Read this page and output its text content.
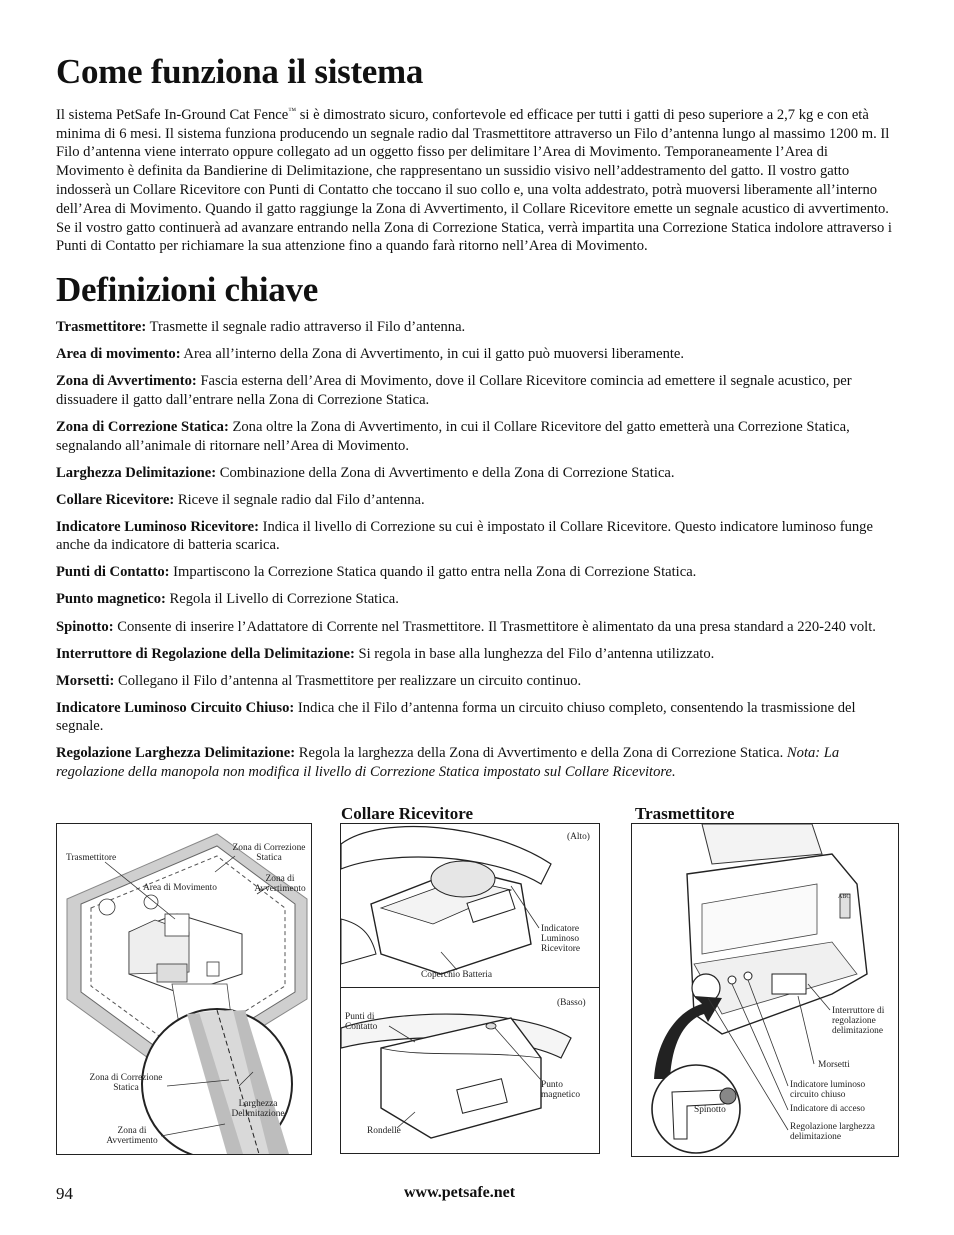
Come funziona il sistema

Il sistema PetSafe In-Ground Cat Fence™ si è dimostrato sicuro, confortevole ed efficace per tutti i gatti di peso superiore a 2,7 kg e con età minima di 6 mesi. Il sistema funziona producendo un segnale radio dal Trasmettitore attraverso un Filo d’antenna lungo al massimo 1200 m. Il Filo d’antenna viene interrato oppure collegato ad un oggetto fisso per delimitare l’Area di Movimento. Temporaneamente l’Area di Movimento è definita da Bandierine di Delimitazione, che rappresentano un sussidio visivo nell’addestramento del gatto. Il vostro gatto indosserà un Collare Ricevitore con Punti di Contatto che toccano il suo collo e, una volta addestrato, potrà muoversi liberamente all’interno dell’Area di Movimento. Quando il gatto raggiunge la Zona di Avvertimento, il Collare Ricevitore emette un segnale acustico di avvertimento. Se il vostro gatto continuerà ad avanzare entrando nella Zona di Correzione Statica, verrà impartita una Correzione Statica indolore attraverso i Punti di Contatto per richiamare la sua attenzione fino a quando farà ritorno nell’Area di Movimento.

Definizioni chiave

Trasmettitore: Trasmette il segnale radio attraverso il Filo d’antenna.

Area di movimento: Area all’interno della Zona di Avvertimento, in cui il gatto può muoversi liberamente.

Zona di Avvertimento: Fascia esterna dell’Area di Movimento, dove il Collare Ricevitore comincia ad emettere il segnale acustico, per dissuadere il gatto dall’entrare nella Zona di Correzione Statica.

Zona di Correzione Statica: Zona oltre la Zona di Avvertimento, in cui il Collare Ricevitore del gatto emetterà una Correzione Statica, segnalando all’animale di ritornare nell’Area di Movimento.

Larghezza Delimitazione: Combinazione della Zona di Avvertimento e della Zona di Correzione Statica.

Collare Ricevitore: Riceve il segnale radio dal Filo d’antenna.

Indicatore Luminoso Ricevitore: Indica il livello di Correzione su cui è impostato il Collare Ricevitore. Questo indicatore luminoso funge anche da indicatore di batteria scarica.

Punti di Contatto: Impartiscono la Correzione Statica quando il gatto entra nella Zona di Correzione Statica.

Punto magnetico: Regola il Livello di Correzione Statica.

Spinotto: Consente di inserire l’Adattatore di Corrente nel Trasmettitore. Il Trasmettitore è alimentato da una presa standard a 220-240 volt.

Interruttore di Regolazione della Delimitazione: Si regola in base alla lunghezza del Filo d’antenna utilizzato.

Morsetti: Collegano il Filo d’antenna al Trasmettitore per realizzare un circuito continuo.

Indicatore Luminoso Circuito Chiuso: Indica che il Filo d’antenna forma un circuito chiuso completo, consentendo la trasmissione del segnale.

Regolazione Larghezza Delimitazione: Regola la larghezza della Zona di Avvertimento e della Zona di Correzione Statica. Nota: La regolazione della manopola non modifica il livello di Correzione Statica impostato sul Collare Ricevitore.

Collare Ricevitore	Trasmettitore
Trasmettitore
Area di Movimento
Zona di Correzione Statica
Zona di Avvertimento
Zona di Correzione Statica
Zona di Avvertimento
Larghezza Delimitazione
(Alto)
Indicatore Luminoso Ricevitore
Coperchio Batteria
(Basso)
Punti di Contatto
Punto magnetico
Rondelle
ABC
Interruttore di regolazione delimitazione
Morsetti
Indicatore luminoso circuito chiuso
Indicatore di acceso
Regolazione larghezza delimitazione
Spinotto
94	www.petsafe.net
